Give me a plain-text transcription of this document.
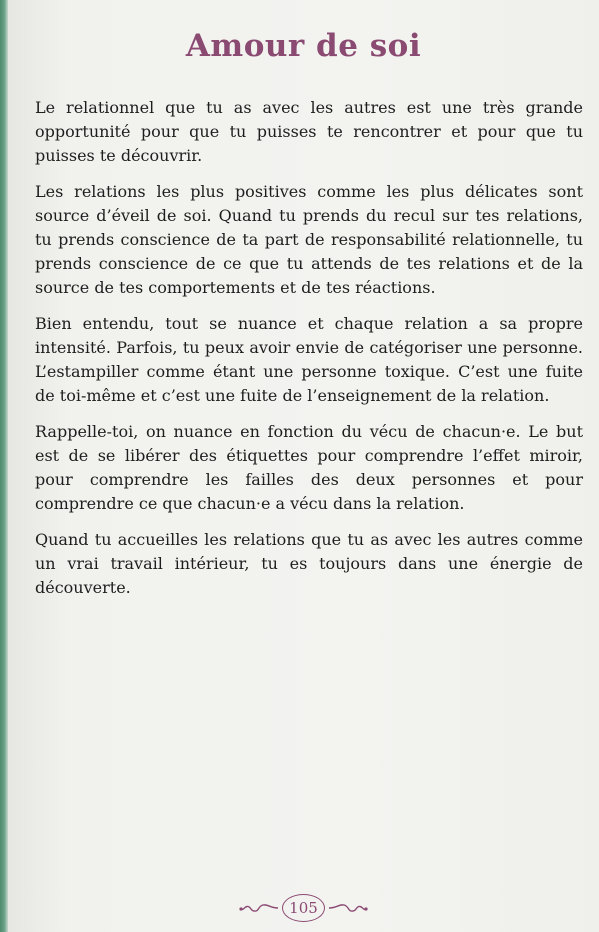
Amour de soi

Le relationnel que tu as avec les autres est une très grande opportunité pour que tu puisses te rencontrer et pour que tu puisses te découvrir.

Les relations les plus positives comme les plus délicates sont source d’éveil de soi. Quand tu prends du recul sur tes relations, tu prends conscience de ta part de responsabilité relationnelle, tu prends conscience de ce que tu attends de tes relations et de la source de tes comportements et de tes réactions.

Bien entendu, tout se nuance et chaque relation a sa propre intensité. Parfois, tu peux avoir envie de catégoriser une personne. L’estampiller comme étant une personne toxique. C’est une fuite de toi-même et c’est une fuite de l’enseignement de la relation.

Rappelle-toi, on nuance en fonction du vécu de chacun·e. Le but est de se libérer des étiquettes pour comprendre l’effet miroir, pour comprendre les failles des deux personnes et pour comprendre ce que chacun·e a vécu dans la relation.

Quand tu accueilles les relations que tu as avec les autres comme un vrai travail intérieur, tu es toujours dans une énergie de découverte.

105
